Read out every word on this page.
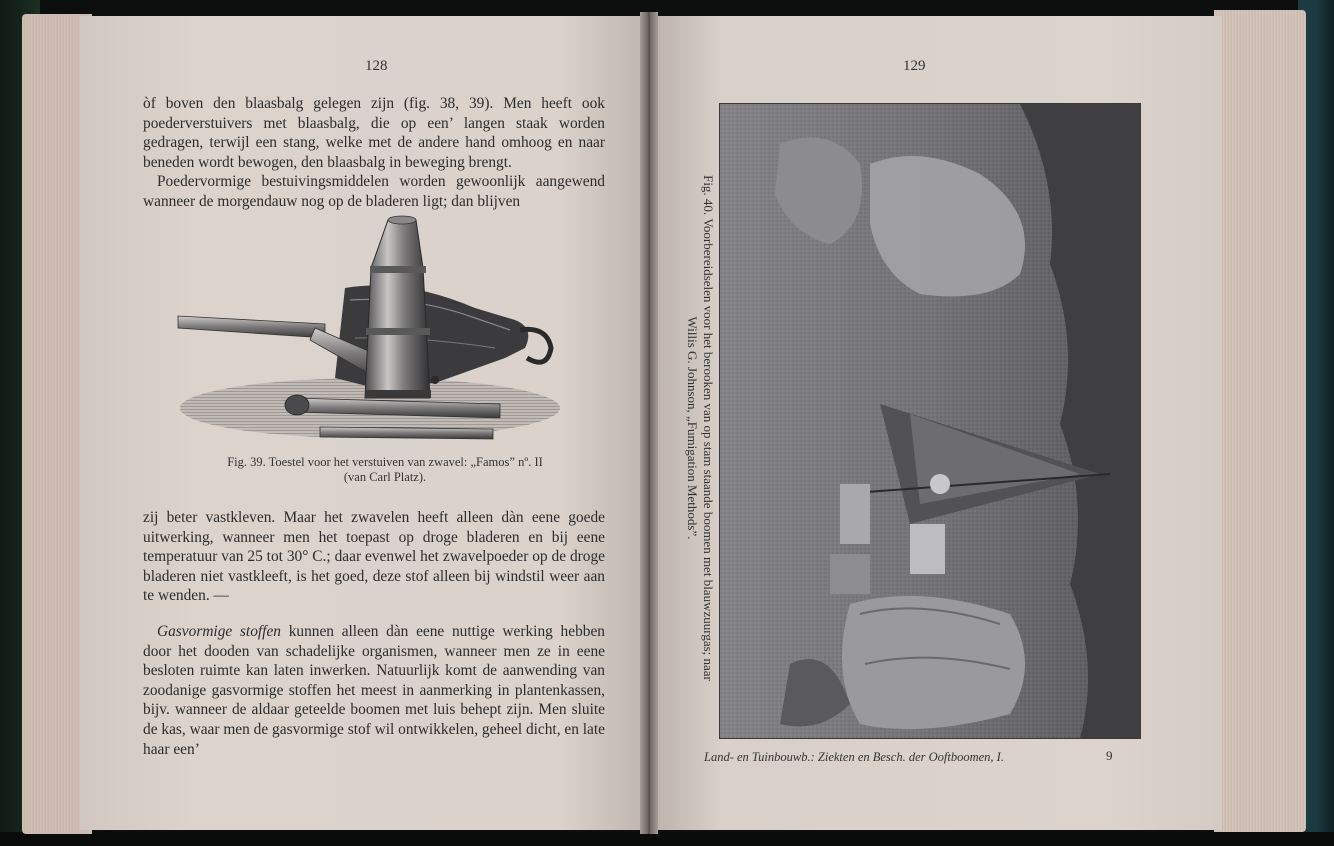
128

òf boven den blaasbalg gelegen zijn (fig. 38, 39). Men heeft ook poederverstuivers met blaasbalg, die op een’ langen staak worden gedragen, terwijl een stang, welke met de andere hand omhoog en naar beneden wordt bewogen, den blaasbalg in beweging brengt.

Poedervormige bestuivingsmiddelen worden gewoonlijk aangewend wanneer de morgendauw nog op de bladeren ligt; dan blijven

Fig. 39. Toestel voor het verstuiven van zwavel: „Famos” nº. II
(van Carl Platz).

zij beter vastkleven. Maar het zwavelen heeft alleen dàn eene goede uitwerking, wanneer men het toepast op droge bladeren en bij eene temperatuur van 25 tot 30° C.; daar evenwel het zwavelpoeder op de droge bladeren niet vastkleeft, is het goed, deze stof alleen bij windstil weer aan te wenden. —

Gasvormige stoffen kunnen alleen dàn eene nuttige werking hebben door het dooden van schadelijke organismen, wanneer men ze in eene besloten ruimte kan laten inwerken. Natuurlijk komt de aanwending van zoodanige gasvormige stoffen het meest in aanmerking in plantenkassen, bijv. wanneer de aldaar geteelde boomen met luis behept zijn. Men sluite de kas, waar men de gasvormige stof wil ontwikkelen, geheel dicht, en late haar een’

129
Fig. 40. Voorbereidselen voor het berooken van op stam staande boomen met blauwzuurgas; naar
Willis G. Johnson, „Fumigation Methods”.
Land- en Tuinbouwb.: Ziekten en Besch. der Ooftboomen, I.	9
